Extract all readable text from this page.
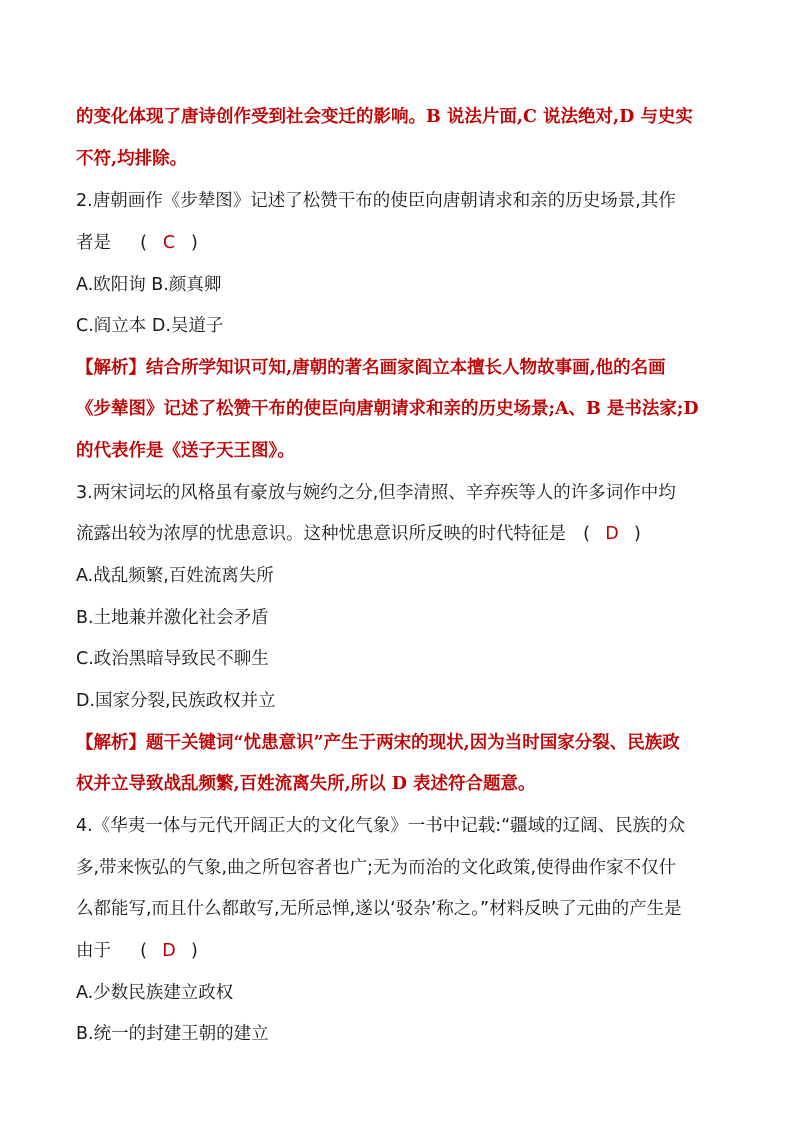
的变化体现了唐诗创作受到社会变迁的影响。B 说法片面,C 说法绝对,D 与史实
不符,均排除。
2.唐朝画作《步辇图》记述了松赞干布的使臣向唐朝请求和亲的历史场景,其作
者是 ( C )
A.欧阳询 B.颜真卿
C.阎立本 D.吴道子
【解析】结合所学知识可知,唐朝的著名画家阎立本擅长人物故事画,他的名画
《步辇图》记述了松赞干布的使臣向唐朝请求和亲的历史场景;A、B 是书法家;D
的代表作是《送子天王图》。
3.两宋词坛的风格虽有豪放与婉约之分,但李清照、辛弃疾等人的许多词作中均
流露出较为浓厚的忧患意识。这种忧患意识所反映的时代特征是 ( D )
A.战乱频繁,百姓流离失所
B.土地兼并激化社会矛盾
C.政治黑暗导致民不聊生
D.国家分裂,民族政权并立
【解析】题干关键词“忧患意识”产生于两宋的现状,因为当时国家分裂、民族政
权并立导致战乱频繁,百姓流离失所,所以 D 表述符合题意。
4.《华夷一体与元代开阔正大的文化气象》一书中记载:“疆域的辽阔、民族的众
多,带来恢弘的气象,曲之所包容者也广;无为而治的文化政策,使得曲作家不仅什
么都能写,而且什么都敢写,无所忌惮,遂以‘驳杂’称之。”材料反映了元曲的产生是
由于 ( D )
A.少数民族建立政权
B.统一的封建王朝的建立
